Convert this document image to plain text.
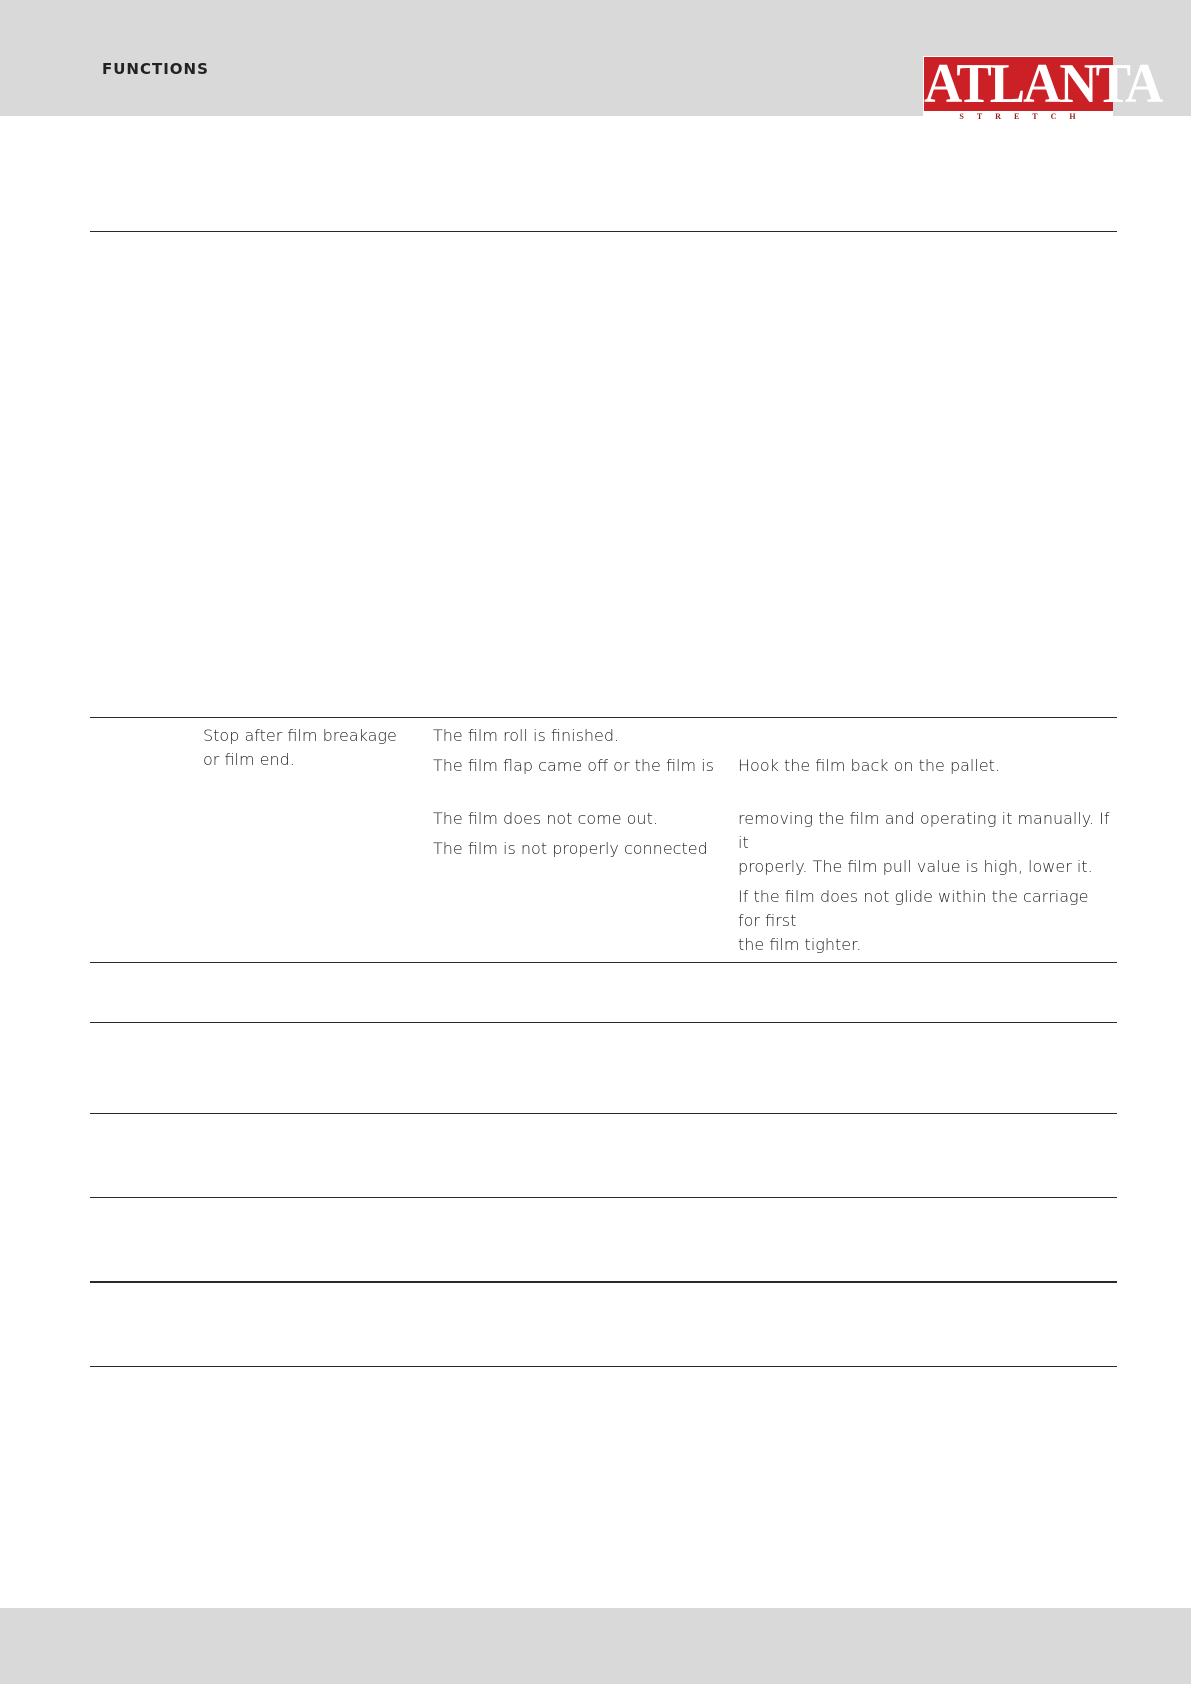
FUNCTIONS	ATLANTA
STRETCH
Stop after film breakage
or film end.
The film roll is finished.
The film flap came off or the film is
The film does not come out.
The film is not properly connected
Hook the film back on the pallet.
removing the film and operating it manually. If it
properly. The film pull value is high, lower it.
If the film does not glide within the carriage for first
the film tighter.
